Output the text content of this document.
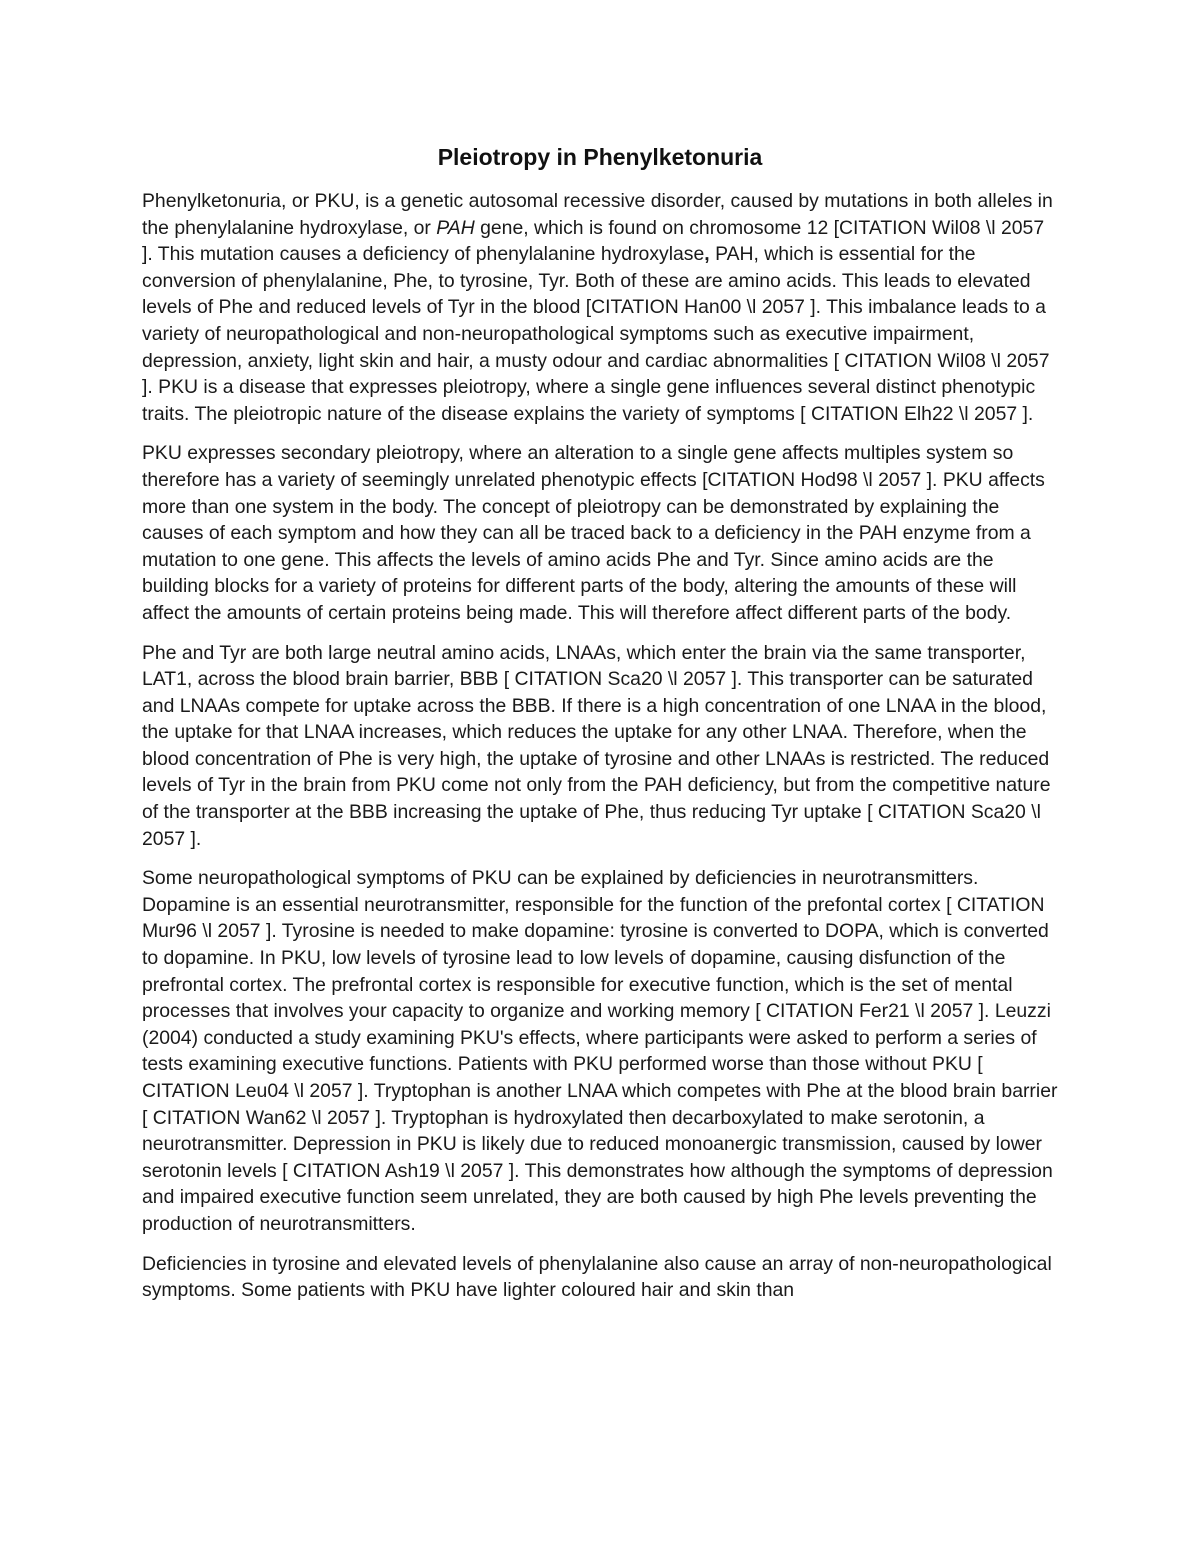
Pleiotropy in Phenylketonuria

Phenylketonuria, or PKU, is a genetic autosomal recessive disorder, caused by mutations in both alleles in the phenylalanine hydroxylase, or PAH gene, which is found on chromosome 12 [CITATION Wil08 \l 2057 ]. This mutation causes a deficiency of phenylalanine hydroxylase, PAH, which is essential for the conversion of phenylalanine, Phe, to tyrosine, Tyr. Both of these are amino acids. This leads to elevated levels of Phe and reduced levels of Tyr in the blood [CITATION Han00 \l 2057 ]. This imbalance leads to a variety of neuropathological and non-neuropathological symptoms such as executive impairment, depression, anxiety, light skin and hair, a musty odour and cardiac abnormalities [ CITATION Wil08 \l 2057 ]. PKU is a disease that expresses pleiotropy, where a single gene influences several distinct phenotypic traits. The pleiotropic nature of the disease explains the variety of symptoms [ CITATION Elh22 \l 2057 ].

PKU expresses secondary pleiotropy, where an alteration to a single gene affects multiples system so therefore has a variety of seemingly unrelated phenotypic effects [CITATION Hod98 \l 2057 ]. PKU affects more than one system in the body. The concept of pleiotropy can be demonstrated by explaining the causes of each symptom and how they can all be traced back to a deficiency in the PAH enzyme from a mutation to one gene. This affects the levels of amino acids Phe and Tyr. Since amino acids are the building blocks for a variety of proteins for different parts of the body, altering the amounts of these will affect the amounts of certain proteins being made. This will therefore affect different parts of the body.

Phe and Tyr are both large neutral amino acids, LNAAs, which enter the brain via the same transporter, LAT1, across the blood brain barrier, BBB [ CITATION Sca20 \l 2057 ]. This transporter can be saturated and LNAAs compete for uptake across the BBB. If there is a high concentration of one LNAA in the blood, the uptake for that LNAA increases, which reduces the uptake for any other LNAA. Therefore, when the blood concentration of Phe is very high, the uptake of tyrosine and other LNAAs is restricted. The reduced levels of Tyr in the brain from PKU come not only from the PAH deficiency, but from the competitive nature of the transporter at the BBB increasing the uptake of Phe, thus reducing Tyr uptake [ CITATION Sca20 \l 2057 ].

Some neuropathological symptoms of PKU can be explained by deficiencies in neurotransmitters. Dopamine is an essential neurotransmitter, responsible for the function of the prefontal cortex [ CITATION Mur96 \l 2057 ]. Tyrosine is needed to make dopamine: tyrosine is converted to DOPA, which is converted to dopamine. In PKU, low levels of tyrosine lead to low levels of dopamine, causing disfunction of the prefrontal cortex. The prefrontal cortex is responsible for executive function, which is the set of mental processes that involves your capacity to organize and working memory [ CITATION Fer21 \l 2057 ]. Leuzzi (2004) conducted a study examining PKU's effects, where participants were asked to perform a series of tests examining executive functions. Patients with PKU performed worse than those without PKU [ CITATION Leu04 \l 2057 ]. Tryptophan is another LNAA which competes with Phe at the blood brain barrier [ CITATION Wan62 \l 2057 ]. Tryptophan is hydroxylated then decarboxylated to make serotonin, a neurotransmitter. Depression in PKU is likely due to reduced monoanergic transmission, caused by lower serotonin levels [ CITATION Ash19 \l 2057 ]. This demonstrates how although the symptoms of depression and impaired executive function seem unrelated, they are both caused by high Phe levels preventing the production of neurotransmitters.

Deficiencies in tyrosine and elevated levels of phenylalanine also cause an array of non-neuropathological symptoms. Some patients with PKU have lighter coloured hair and skin than
